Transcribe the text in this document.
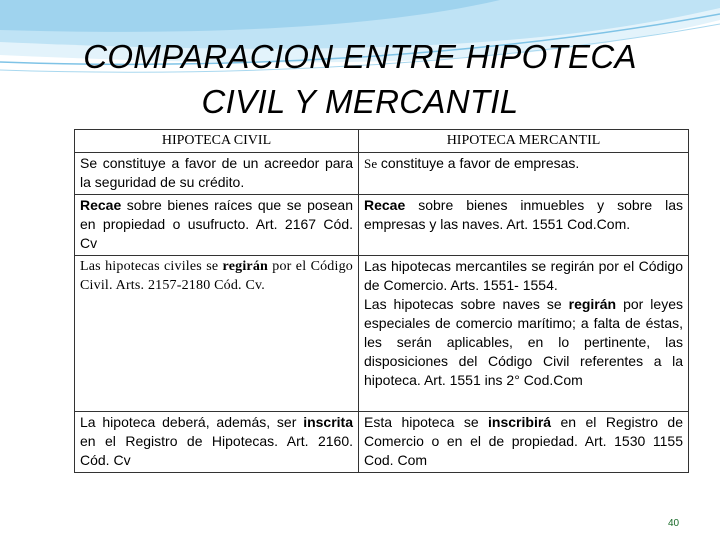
COMPARACION ENTRE HIPOTECA
CIVIL Y MERCANTIL
HIPOTECA CIVIL	HIPOTECA MERCANTIL
Se constituye a favor de un acreedor para la seguridad de su crédito.	Se constituye a favor de empresas.
Recae sobre bienes raíces que se posean en propiedad o usufructo. Art. 2167 Cód. Cv	Recae sobre bienes inmuebles y sobre las empresas y las naves. Art. 1551 Cod.Com.
Las hipotecas civiles se regirán por el Código Civil. Arts. 2157-2180 Cód. Cv.	Las hipotecas mercantiles se regirán por el Código de Comercio. Arts. 1551- 1554.
Las hipotecas sobre naves se regirán por leyes especiales de comercio marítimo; a falta de éstas, les serán aplicables, en lo pertinente, las disposiciones del Código Civil referentes a la hipoteca. Art. 1551 ins 2° Cod.Com

La hipoteca deberá, además, ser inscrita en el Registro de Hipotecas. Art. 2160. Cód. Cv	Esta hipoteca se inscribirá en el Registro de Comercio o en el de propiedad. Art. 1530 1155 Cod. Com
40
